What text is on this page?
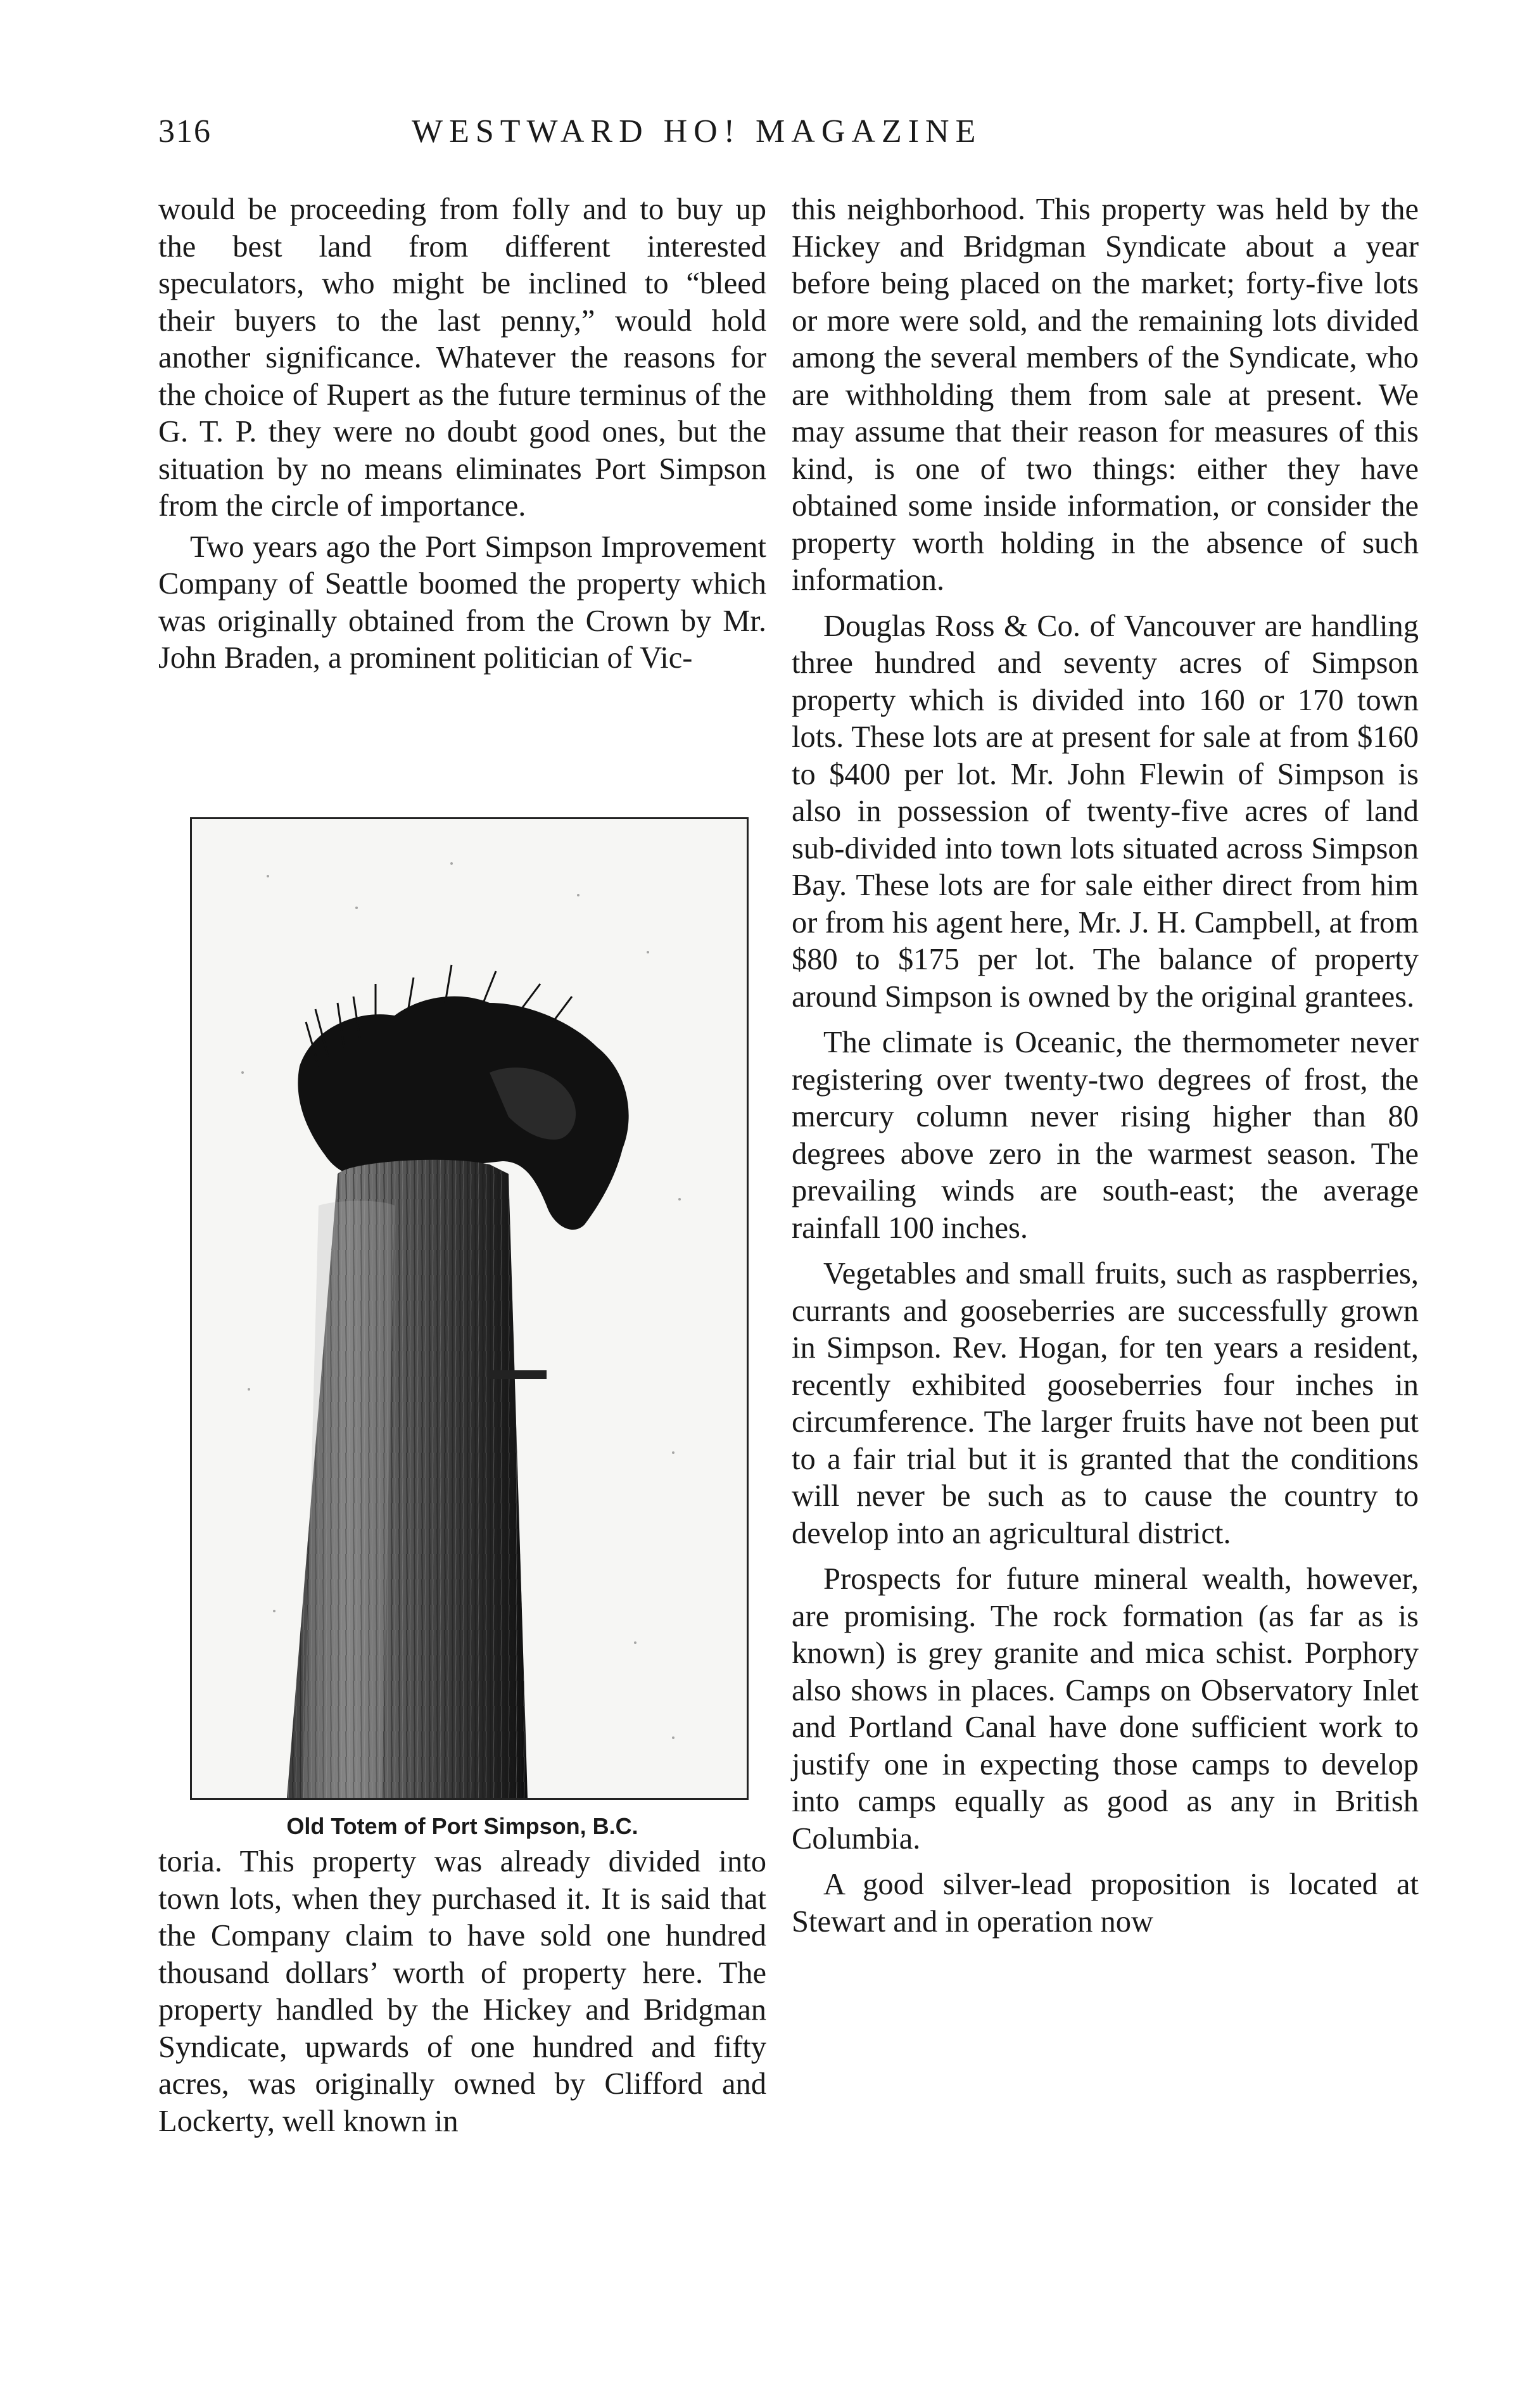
316	WESTWARD HO! MAGAZINE

would be proceeding from folly and to buy up the best land from different interested speculators, who might be inclined to “bleed their buyers to the last penny,” would hold another significance. Whatever the reasons for the choice of Rupert as the future terminus of the G. T. P. they were no doubt good ones, but the situation by no means eliminates Port Simpson from the circle of importance.

Two years ago the Port Simpson Improvement Company of Seattle boomed the property which was originally obtained from the Crown by Mr. John Braden, a prominent politician of Vic-

Old Totem of Port Simpson, B.C.

toria. This property was already divided into town lots, when they purchased it. It is said that the Company claim to have sold one hundred thousand dollars’ worth of property here. The property handled by the Hickey and Bridgman Syndicate, upwards of one hundred and fifty acres, was originally owned by Clifford and Lockerty, well known in

this neighborhood. This property was held by the Hickey and Bridgman Syndicate about a year before being placed on the market; forty-five lots or more were sold, and the remaining lots divided among the several members of the Syndicate, who are withholding them from sale at present. We may assume that their reason for measures of this kind, is one of two things: either they have obtained some inside information, or consider the property worth holding in the absence of such information.

Douglas Ross & Co. of Vancouver are handling three hundred and seventy acres of Simpson property which is divided into 160 or 170 town lots. These lots are at present for sale at from $160 to $400 per lot. Mr. John Flewin of Simpson is also in possession of twenty-five acres of land sub-divided into town lots situated across Simpson Bay. These lots are for sale either direct from him or from his agent here, Mr. J. H. Campbell, at from $80 to $175 per lot. The balance of property around Simpson is owned by the original grantees.

The climate is Oceanic, the thermometer never registering over twenty-two degrees of frost, the mercury column never rising higher than 80 degrees above zero in the warmest season. The prevailing winds are south-east; the average rainfall 100 inches.

Vegetables and small fruits, such as raspberries, currants and gooseberries are successfully grown in Simpson. Rev. Hogan, for ten years a resident, recently exhibited gooseberries four inches in circumference. The larger fruits have not been put to a fair trial but it is granted that the conditions will never be such as to cause the country to develop into an agricultural district.

Prospects for future mineral wealth, however, are promising. The rock formation (as far as is known) is grey granite and mica schist. Porphory also shows in places. Camps on Observatory Inlet and Portland Canal have done sufficient work to justify one in expecting those camps to develop into camps equally as good as any in British Columbia.

A good silver-lead proposition is located at Stewart and in operation now
